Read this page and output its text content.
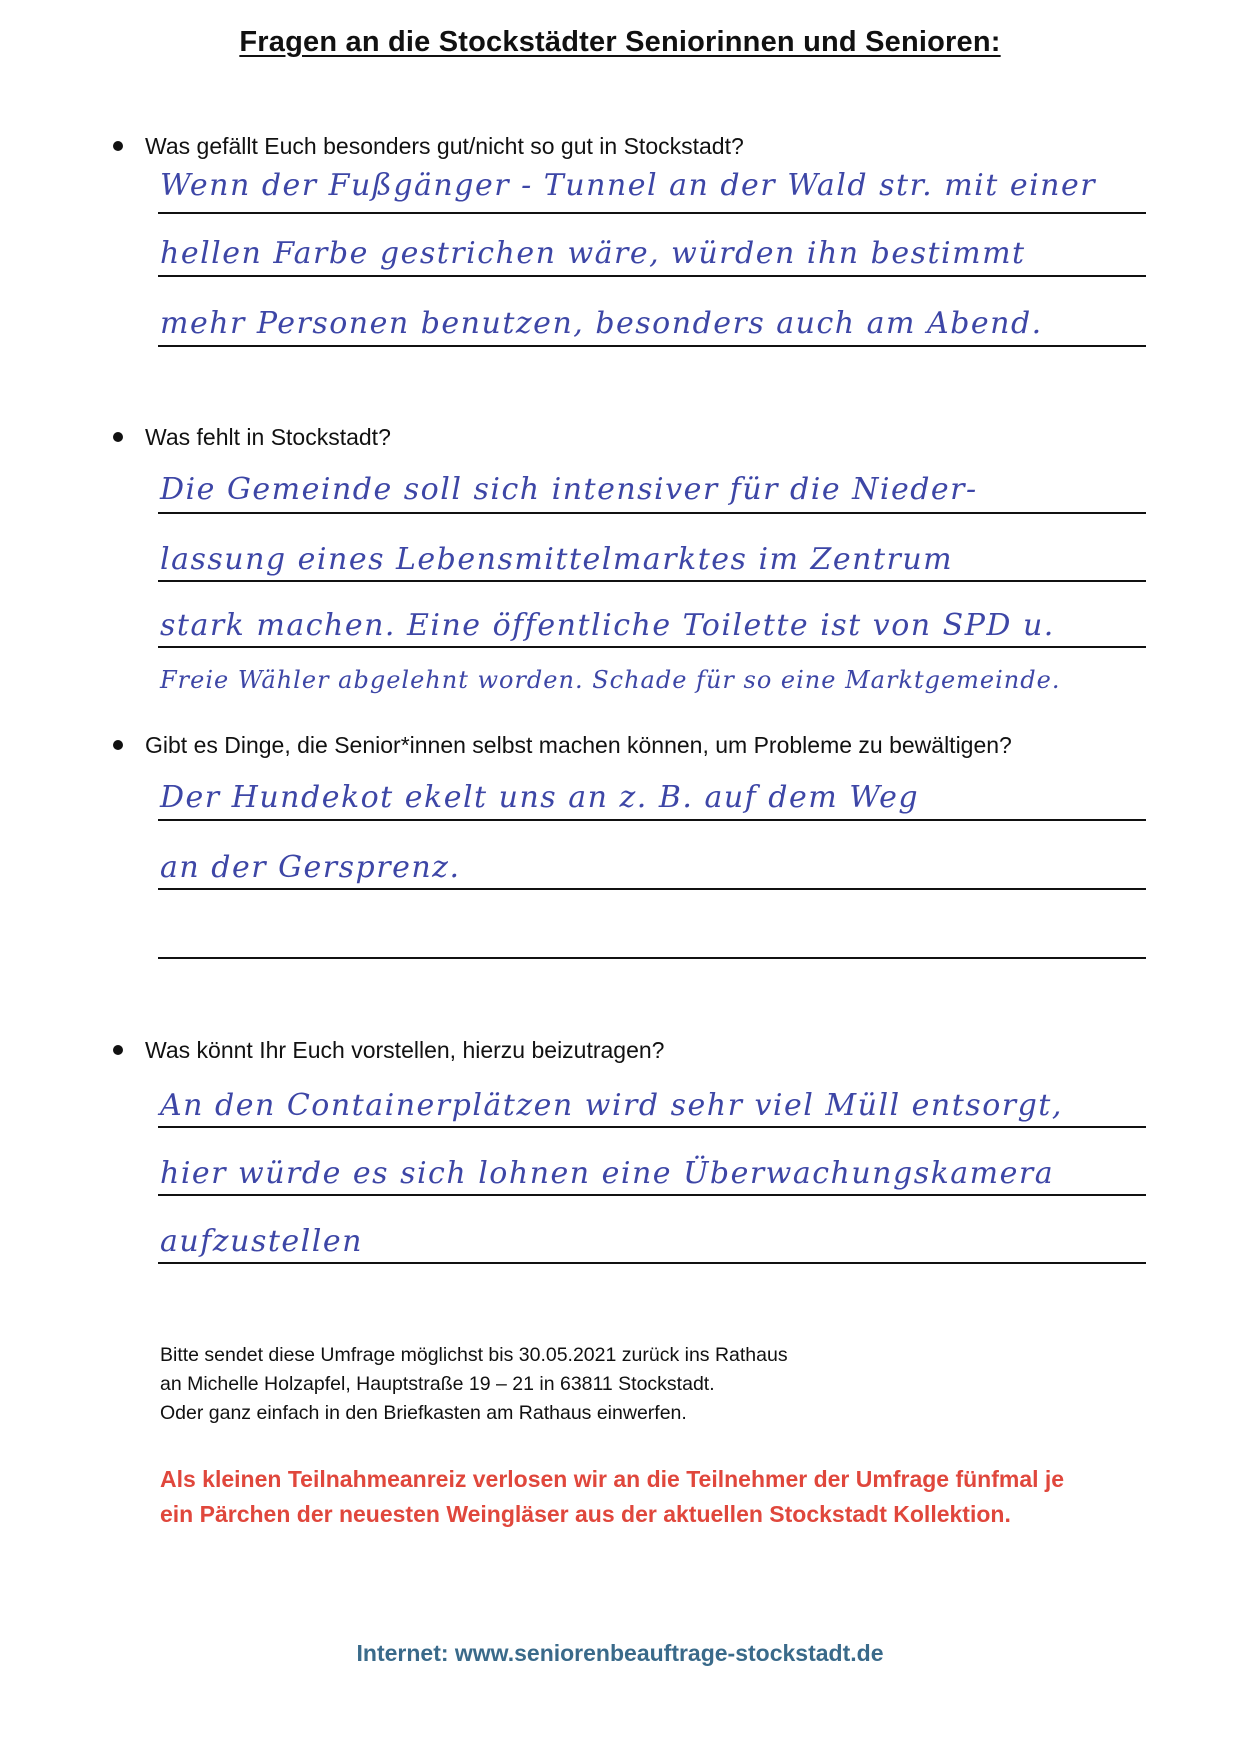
Fragen an die Stockstädter Seniorinnen und Senioren:
Was gefällt Euch besonders gut/nicht so gut in Stockstadt?
Wenn der Fußgänger - Tunnel an der Wald str. mit einer
hellen Farbe gestrichen wäre, würden ihn bestimmt
mehr Personen benutzen, besonders auch am Abend.
Was fehlt in Stockstadt?
Die Gemeinde soll sich intensiver für die Nieder-
lassung eines Lebensmittelmarktes im Zentrum
stark machen. Eine öffentliche Toilette ist von SPD u.
Freie Wähler abgelehnt worden. Schade für so eine Marktgemeinde.
Gibt es Dinge, die Senior*innen selbst machen können, um Probleme zu bewältigen?
Der Hundekot ekelt uns an z. B. auf dem Weg
an der Gersprenz.
Was könnt Ihr Euch vorstellen, hierzu beizutragen?
An den Containerplätzen wird sehr viel Müll entsorgt,
hier würde es sich lohnen eine Überwachungskamera
aufzustellen
Bitte sendet diese Umfrage möglichst bis 30.05.2021 zurück ins Rathaus
an Michelle Holzapfel, Hauptstraße 19 – 21 in 63811 Stockstadt.
Oder ganz einfach in den Briefkasten am Rathaus einwerfen.
Als kleinen Teilnahmeanreiz verlosen wir an die Teilnehmer der Umfrage fünfmal je
ein Pärchen der neuesten Weingläser aus der aktuellen Stockstadt Kollektion.
Internet: www.seniorenbeauftrage-stockstadt.de
